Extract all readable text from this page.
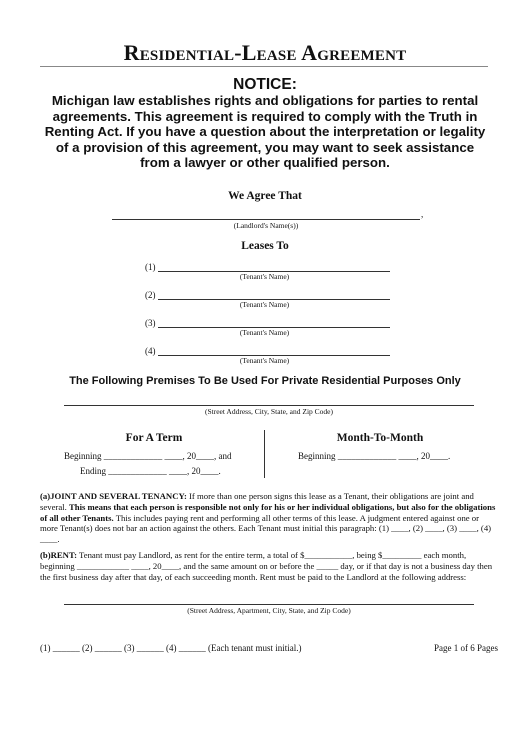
Residential-Lease Agreement
NOTICE:
Michigan law establishes rights and obligations for parties to rental agreements. This agreement is required to comply with the Truth in Renting Act. If you have a question about the interpretation or legality of a provision of this agreement, you may want to seek assistance from a lawyer or other qualified person.
We Agree That
,
(Landlord's Name(s))
Leases To
(1)
(Tenant's Name)
(2)
(Tenant's Name)
(3)
(Tenant's Name)
(4)
(Tenant's Name)
The Following Premises To Be Used For Private Residential Purposes Only
(Street Address, City, State, and Zip Code)
For A Term	Month-To-Month
Beginning _____________ ____, 20____, and
Ending _____________ ____, 20____.
Beginning _____________ ____, 20____.
(a)JOINT AND SEVERAL TENANCY: If more than one person signs this lease as a Tenant, their obligations are joint and several. This means that each person is responsible not only for his or her individual obligations, but also for the obligations of all other Tenants. This includes paying rent and performing all other terms of this lease. A judgment entered against one or more Tenant(s) does not bar an action against the others. Each Tenant must initial this paragraph: (1) ____, (2) ____, (3) ____, (4) ____.
(b)RENT: Tenant must pay Landlord, as rent for the entire term, a total of $___________, being $_________ each month, beginning ____________ ____, 20____, and the same amount on or before the _____ day, or if that day is not a business day then the first business day after that day, of each succeeding month. Rent must be paid to the Landlord at the following address:
(Street Address, Apartment, City, State, and Zip Code)
(1) ______ (2) ______ (3) ______ (4) ______ (Each tenant must initial.)	Page 1 of 6 Pages
